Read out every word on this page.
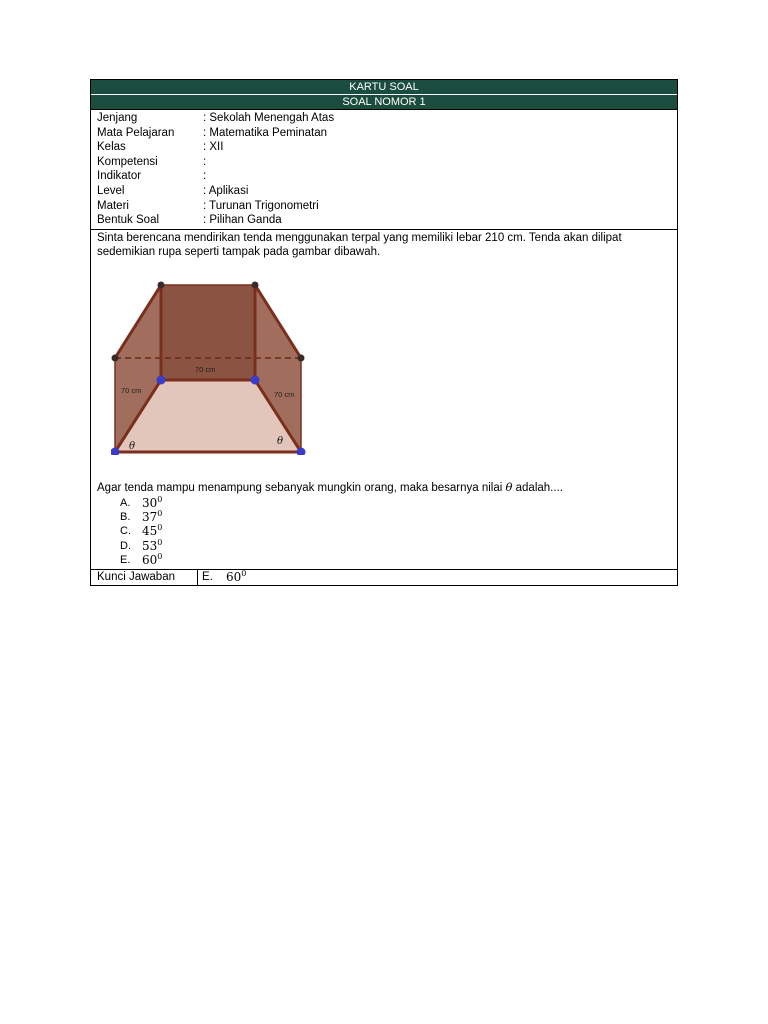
KARTU SOAL
SOAL NOMOR 1
Jenjang	: Sekolah Menengah Atas
Mata Pelajaran	: Matematika Peminatan
Kelas	: XII
Kompetensi	:
Indikator	:
Level	: Aplikasi
Materi	: Turunan Trigonometri
Bentuk Soal	: Pilihan Ganda

Sinta berencana mendirikan tenda menggunakan terpal yang memiliki lebar 210 cm. Tenda akan dilipat sedemikian rupa seperti tampak pada gambar dibawah.

70 cm
70 cm	70 cm
θ	θ
Agar tenda mampu menampung sebanyak mungkin orang, maka besarnya nilai θ adalah....
A. $30^0$
B. $37^0$
C. $45^0$
D. $53^0$
E. $60^0$
Kunci Jawaban	E.	$60^0$
